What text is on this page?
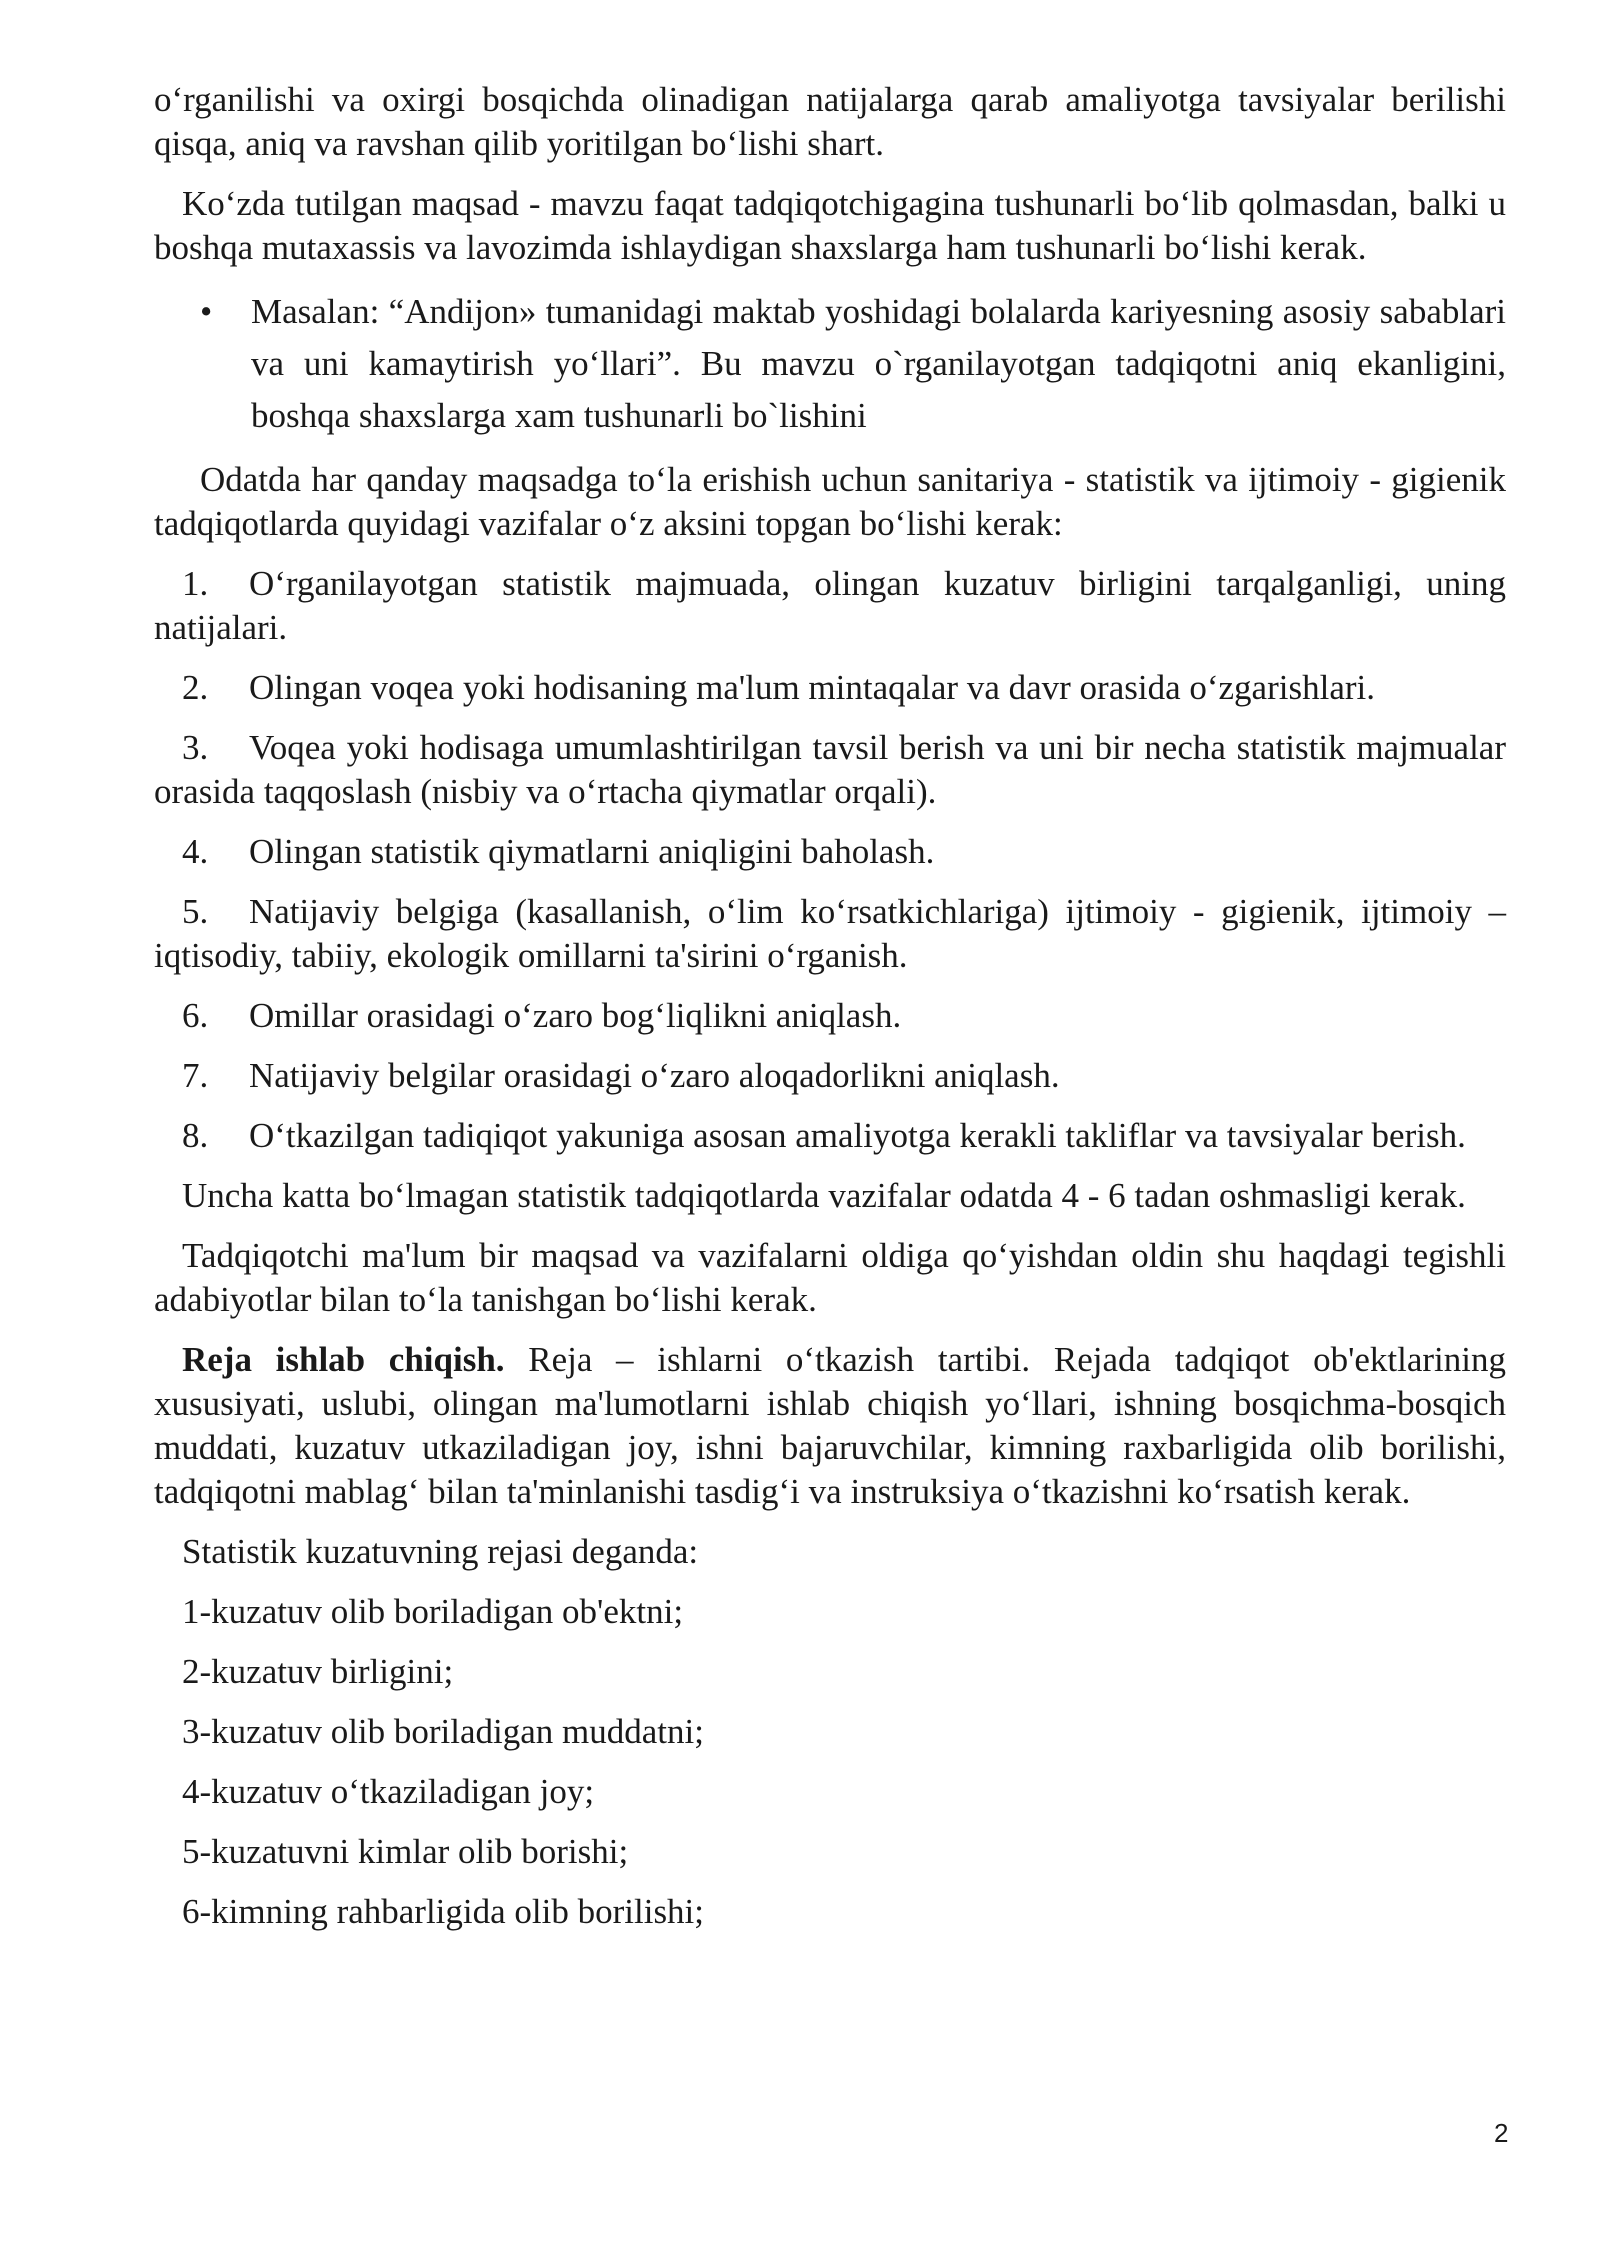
o‘rganilishi va oxirgi bosqichda olinadigan natijalarga qarab amaliyotga tavsiyalar berilishi qisqa, aniq va ravshan qilib yoritilgan bo‘lishi shart.

Ko‘zda tutilgan maqsad - mavzu faqat tadqiqotchigagina tushunarli bo‘lib qolmasdan, balki u boshqa mutaxassis va lavozimda ishlaydigan shaxslarga ham tushunarli bo‘lishi kerak.

• Masalan: “Andijon» tumanidagi maktab yoshidagi bolalarda kariyesning asosiy sabablari va uni kamaytirish yo‘llari”. Bu mavzu o`rganilayotgan tadqiqotni aniq ekanligini, boshqa shaxslarga xam tushunarli bo`lishini

Odatda har qanday maqsadga to‘la erishish uchun sanitariya - statistik va ijtimoiy - gigienik tadqiqotlarda quyidagi vazifalar o‘z aksini topgan bo‘lishi kerak:

1. O‘rganilayotgan statistik majmuada, olingan kuzatuv birligini tarqalganligi, uning natijalari.

2. Olingan voqea yoki hodisaning ma'lum mintaqalar va davr orasida o‘zgarishlari.

3. Voqea yoki hodisaga umumlashtirilgan tavsil berish va uni bir necha statistik majmualar orasida taqqoslash (nisbiy va o‘rtacha qiymatlar orqali).

4. Olingan statistik qiymatlarni aniqligini baholash.

5. Natijaviy belgiga (kasallanish, o‘lim ko‘rsatkichlariga) ijtimoiy - gigienik, ijtimoiy – iqtisodiy, tabiiy, ekologik omillarni ta'sirini o‘rganish.

6. Omillar orasidagi o‘zaro bog‘liqlikni aniqlash.

7. Natijaviy belgilar orasidagi o‘zaro aloqadorlikni aniqlash.

8. O‘tkazilgan tadiqiqot yakuniga asosan amaliyotga kerakli takliflar va tavsiyalar berish.

Uncha katta bo‘lmagan statistik tadqiqotlarda vazifalar odatda 4 - 6 tadan oshmasligi kerak.

Tadqiqotchi ma'lum bir maqsad va vazifalarni oldiga qo‘yishdan oldin shu haqdagi tegishli adabiyotlar bilan to‘la tanishgan bo‘lishi kerak.

Reja ishlab chiqish. Reja – ishlarni o‘tkazish tartibi. Rejada tadqiqot ob'ektlarining xususiyati, uslubi, olingan ma'lumotlarni ishlab chiqish yo‘llari, ishning bosqichma-bosqich muddati, kuzatuv utkaziladigan joy, ishni bajaruvchilar, kimning raxbarligida olib borilishi, tadqiqotni mablag‘ bilan ta'minlanishi tasdig‘i va instruksiya o‘tkazishni ko‘rsatish kerak.

Statistik kuzatuvning rejasi deganda:

1-kuzatuv olib boriladigan ob'ektni;

2-kuzatuv birligini;

3-kuzatuv olib boriladigan muddatni;

4-kuzatuv o‘tkaziladigan joy;

5-kuzatuvni kimlar olib borishi;

6-kimning rahbarligida olib borilishi;

2
